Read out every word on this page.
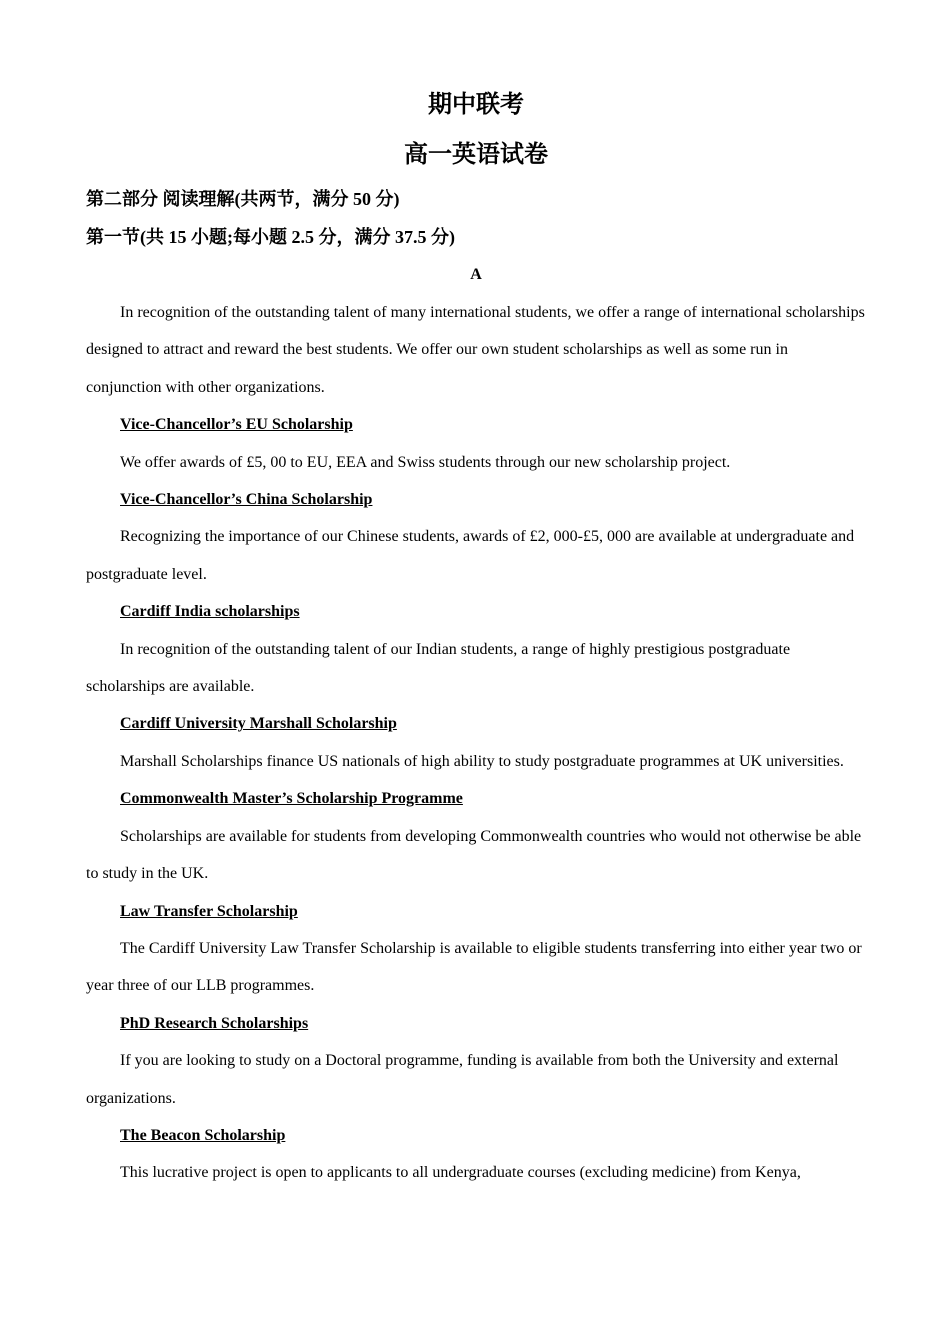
期中联考
高一英语试卷

第二部分 阅读理解(共两节，满分 50 分)

第一节(共 15 小题;每小题 2.5 分，满分 37.5 分)

A

In recognition of the outstanding talent of many international students, we offer a range of international scholarships designed to attract and reward the best students. We offer our own student scholarships as well as some run in conjunction with other organizations.

Vice-Chancellor’s EU Scholarship

We offer awards of £5, 00 to EU, EEA and Swiss students through our new scholarship project.

Vice-Chancellor’s China Scholarship

Recognizing the importance of our Chinese students, awards of £2, 000-£5, 000 are available at undergraduate and postgraduate level.

Cardiff India scholarships

In recognition of the outstanding talent of our Indian students, a range of highly prestigious postgraduate scholarships are available.

Cardiff University Marshall Scholarship

Marshall Scholarships finance US nationals of high ability to study postgraduate programmes at UK universities.

Commonwealth Master’s Scholarship Programme

Scholarships are available for students from developing Commonwealth countries who would not otherwise be able to study in the UK.

Law Transfer Scholarship

The Cardiff University Law Transfer Scholarship is available to eligible students transferring into either year two or year three of our LLB programmes.

PhD Research Scholarships

If you are looking to study on a Doctoral programme, funding is available from both the University and external organizations.

The Beacon Scholarship

This lucrative project is open to applicants to all undergraduate courses (excluding medicine) from Kenya,
